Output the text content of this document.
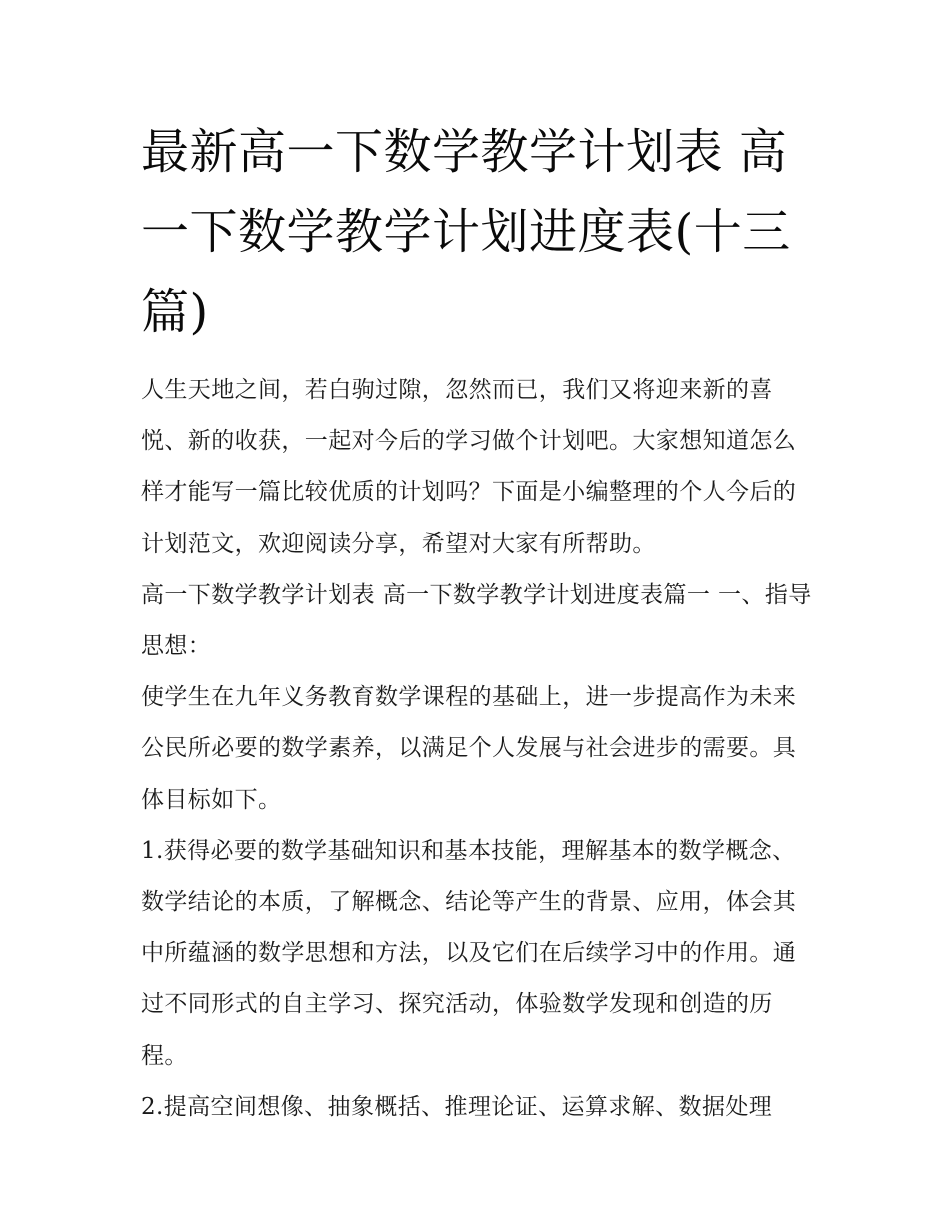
最新高一下数学教学计划表 高一下数学教学计划进度表(十三篇)

人生天地之间，若白驹过隙，忽然而已，我们又将迎来新的喜悦、新的收获，一起对今后的学习做个计划吧。大家想知道怎么样才能写一篇比较优质的计划吗？下面是小编整理的个人今后的计划范文，欢迎阅读分享，希望对大家有所帮助。

高一下数学教学计划表 高一下数学教学计划进度表篇一 一、指导思想：

使学生在九年义务教育数学课程的基础上，进一步提高作为未来公民所必要的数学素养，以满足个人发展与社会进步的需要。具体目标如下。

1.获得必要的数学基础知识和基本技能，理解基本的数学概念、数学结论的本质，了解概念、结论等产生的背景、应用，体会其中所蕴涵的数学思想和方法，以及它们在后续学习中的作用。通过不同形式的自主学习、探究活动，体验数学发现和创造的历程。

2.提高空间想像、抽象概括、推理论证、运算求解、数据处理
